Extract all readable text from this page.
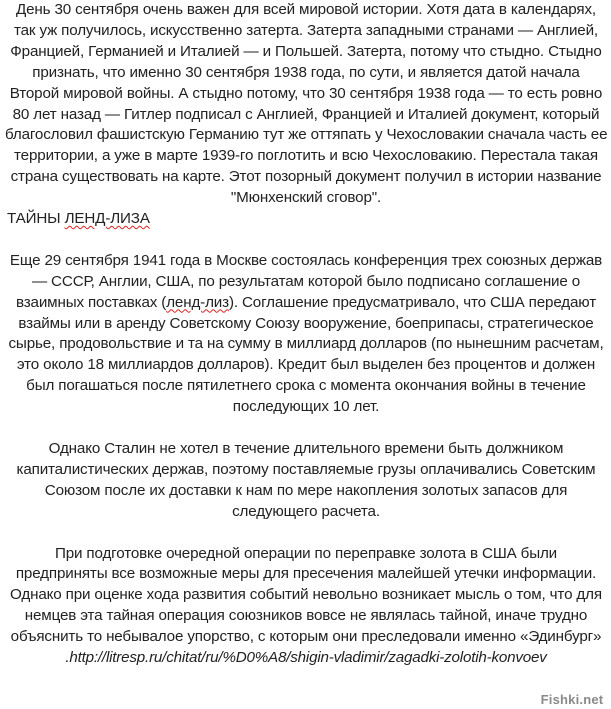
День 30 сентября очень важен для всей мировой истории. Хотя дата в календарях,
так уж получилось, искусственно затерта. Затерта западными странами — Англией,
Францией, Германией и Италией — и Польшей. Затерта, потому что стыдно. Стыдно
признать, что именно 30 сентября 1938 года, по сути, и является датой начала
Второй мировой войны. А стыдно потому, что 30 сентября 1938 года — то есть ровно
80 лет назад — Гитлер подписал с Англией, Францией и Италией документ, который
благословил фашистскую Германию тут же оттяпать у Чехословакии сначала часть ее
территории, а уже в марте 1939-го поглотить и всю Чехословакию. Перестала такая
страна существовать на карте. Этот позорный документ получил в истории название
"Мюнхенский сговор".
ТАЙНЫ ЛЕНД-ЛИЗА
Еще 29 сентября 1941 года в Москве состоялась конференция трех союзных держав
— СССР, Англии, США, по результатам которой было подписано соглашение о
взаимных поставках (ленд-лиз). Соглашение предусматривало, что США передают
взаймы или в аренду Советскому Союзу вооружение, боеприпасы, стратегическое
сырье, продовольствие и та на сумму в миллиард долларов (по нынешним расчетам,
это около 18 миллиардов долларов). Кредит был выделен без процентов и должен
был погашаться после пятилетнего срока с момента окончания войны в течение
последующих 10 лет.
Однако Сталин не хотел в течение длительного времени быть должником
капиталистических держав, поэтому поставляемые грузы оплачивались Советским
Союзом после их доставки к нам по мере накопления золотых запасов для
следующего расчета.
При подготовке очередной операции по переправке золота в США были
предприняты все возможные меры для пресечения малейшей утечки информации.
Однако при оценке хода развития событий невольно возникает мысль о том, что для
немцев эта тайная операция союзников вовсе не являлась тайной, иначе трудно
объяснить то небывалое упорство, с которым они преследовали именно «Эдинбург»
.http://litresp.ru/chitat/ru/%D0%A8/shigin-vladimir/zagadki-zolotih-konvoev
Fishki.net
